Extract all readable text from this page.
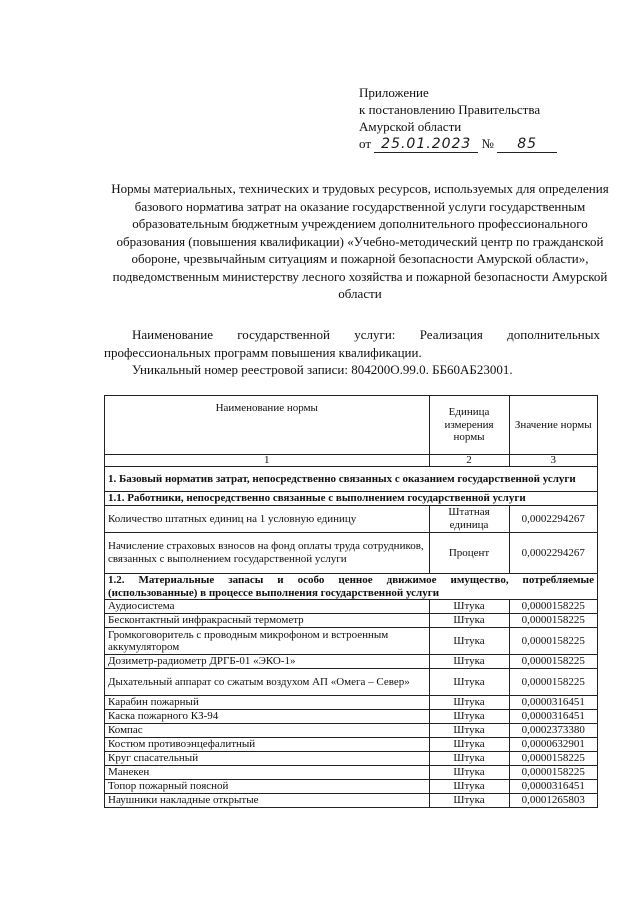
Приложение
к постановлению Правительства
Амурской области
от 25.01.2023 № 85
Нормы материальных, технических и трудовых ресурсов, используемых для определения базового норматива затрат на оказание государственной услуги государственным образовательным бюджетным учреждением дополнительного профессионального образования (повышения квалификации) «Учебно-методический центр по гражданской обороне, чрезвычайным ситуациям и пожарной безопасности Амурской области», подведомственным министерству лесного хозяйства и пожарной безопасности Амурской области
Наименование государственной услуги: Реализация дополнительных профессиональных программ повышения квалификации.
Уникальный номер реестровой записи: 804200О.99.0. ББ60АБ23001.
Наименование нормы	Единица измерения нормы	Значение нормы
1	2	3
1. Базовый норматив затрат, непосредственно связанных с оказанием государственной услуги		
1.1. Работники, непосредственно связанные с выполнением государственной услуги		
Количество штатных единиц на 1 условную единицу	Штатная единица	0,0002294267
Начисление страховых взносов на фонд оплаты труда сотрудников, связанных с выполнением государственной услуги	Процент	0,0002294267
1.2. Материальные запасы и особо ценное движимое имущество, потребляемые (использованные) в процессе выполнения государственной услуги		
Аудиосистема	Штука	0,0000158225
Бесконтактный инфракрасный термометр	Штука	0,0000158225
Громкоговоритель с проводным микрофоном и встроенным аккумулятором	Штука	0,0000158225
Дозиметр-радиометр ДРГБ-01 «ЭКО-1»	Штука	0,0000158225
Дыхательный аппарат со сжатым воздухом АП «Омега – Север»	Штука	0,0000158225
Карабин пожарный	Штука	0,0000316451
Каска пожарного КЗ-94	Штука	0,0000316451
Компас	Штука	0,0002373380
Костюм противоэнцефалитный	Штука	0,0000632901
Круг спасательный	Штука	0,0000158225
Манекен	Штука	0,0000158225
Топор пожарный поясной	Штука	0,0000316451
Наушники накладные открытые	Штука	0,0001265803
